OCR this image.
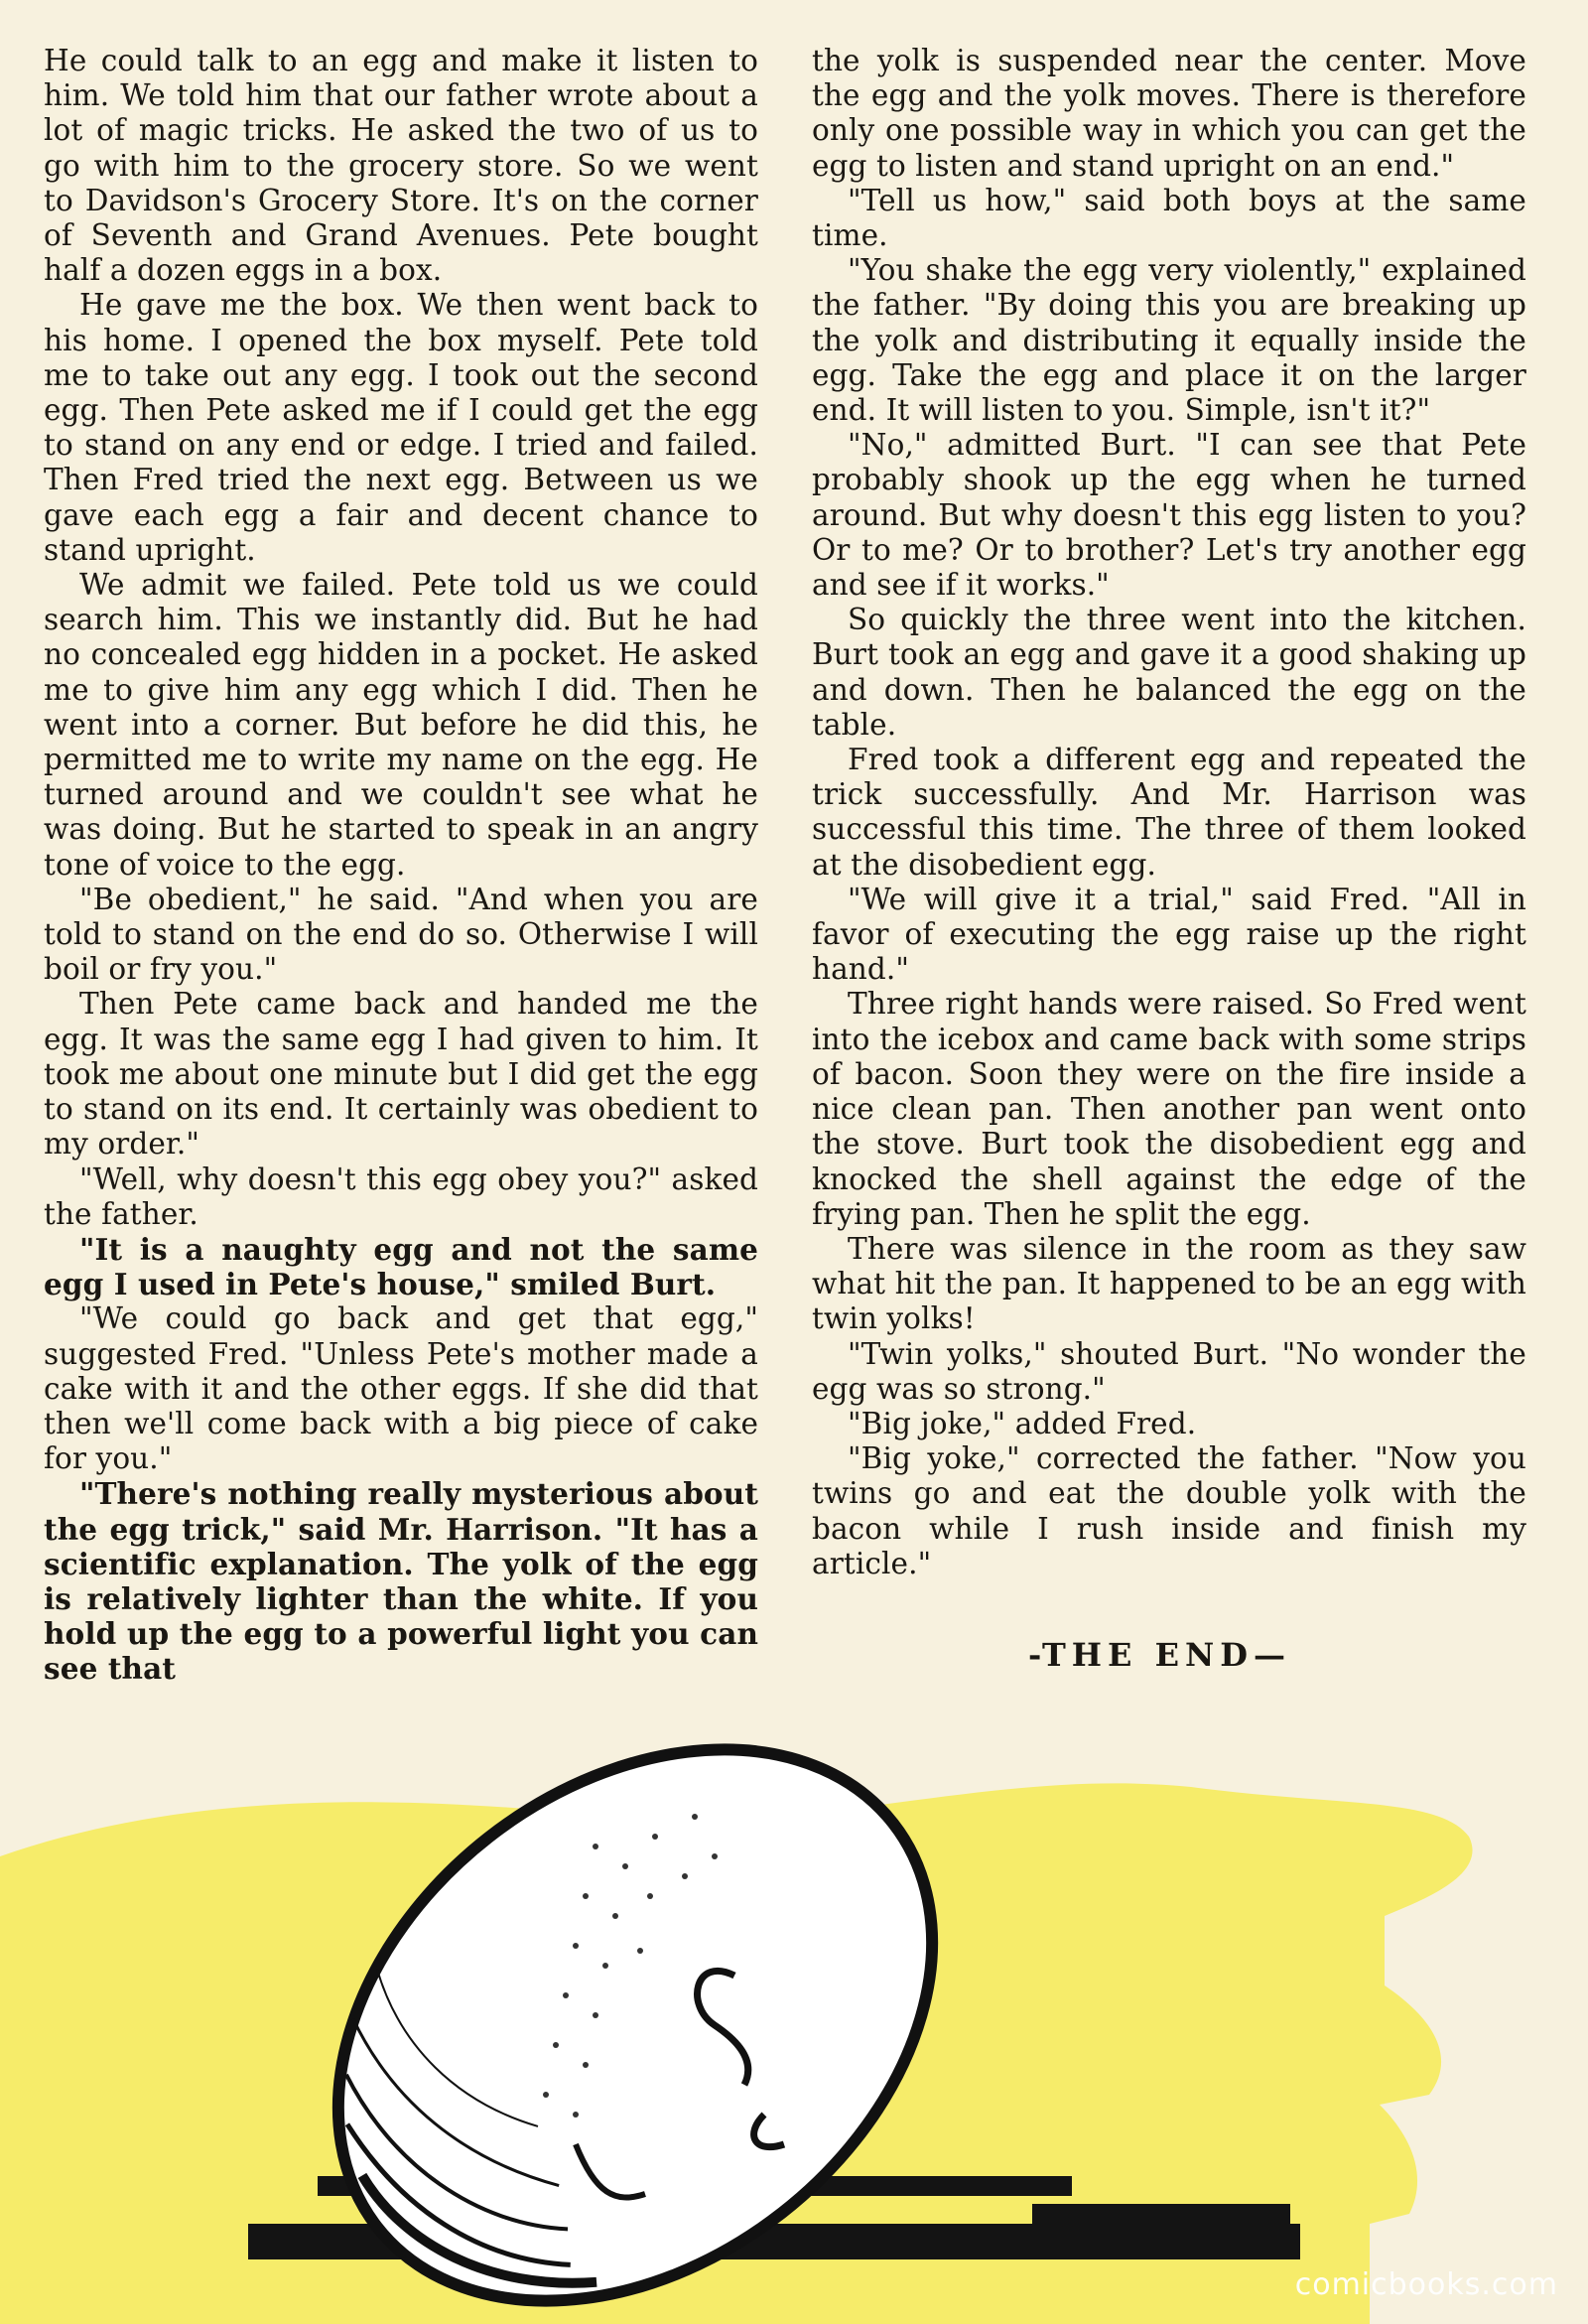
He could talk to an egg and make it listen to him. We told him that our father wrote about a lot of magic tricks. He asked the two of us to go with him to the grocery store. So we went to Davidson's Grocery Store. It's on the corner of Seventh and Grand Avenues. Pete bought half a dozen eggs in a box.

He gave me the box. We then went back to his home. I opened the box myself. Pete told me to take out any egg. I took out the second egg. Then Pete asked me if I could get the egg to stand on any end or edge. I tried and failed. Then Fred tried the next egg. Between us we gave each egg a fair and decent chance to stand upright.

We admit we failed. Pete told us we could search him. This we instantly did. But he had no concealed egg hidden in a pocket. He asked me to give him any egg which I did. Then he went into a corner. But before he did this, he permitted me to write my name on the egg. He turned around and we couldn't see what he was doing. But he started to speak in an angry tone of voice to the egg.

"Be obedient," he said. "And when you are told to stand on the end do so. Otherwise I will boil or fry you."

Then Pete came back and handed me the egg. It was the same egg I had given to him. It took me about one minute but I did get the egg to stand on its end. It certainly was obedient to my order."

"Well, why doesn't this egg obey you?" asked the father.

"It is a naughty egg and not the same egg I used in Pete's house," smiled Burt.

"We could go back and get that egg," suggested Fred. "Unless Pete's mother made a cake with it and the other eggs. If she did that then we'll come back with a big piece of cake for you."

"There's nothing really mysterious about the egg trick," said Mr. Harrison. "It has a scientific explanation. The yolk of the egg is relatively lighter than the white. If you hold up the egg to a powerful light you can see that

the yolk is suspended near the center. Move the egg and the yolk moves. There is therefore only one possible way in which you can get the egg to listen and stand upright on an end."

"Tell us how," said both boys at the same time.

"You shake the egg very violently," explained the father. "By doing this you are breaking up the yolk and distributing it equally inside the egg. Take the egg and place it on the larger end. It will listen to you. Simple, isn't it?"

"No," admitted Burt. "I can see that Pete probably shook up the egg when he turned around. But why doesn't this egg listen to you? Or to me? Or to brother? Let's try another egg and see if it works."

So quickly the three went into the kitchen. Burt took an egg and gave it a good shaking up and down. Then he balanced the egg on the table.

Fred took a different egg and repeated the trick successfully. And Mr. Harrison was successful this time. The three of them looked at the disobedient egg.

"We will give it a trial," said Fred. "All in favor of executing the egg raise up the right hand."

Three right hands were raised. So Fred went into the icebox and came back with some strips of bacon. Soon they were on the fire inside a nice clean pan. Then another pan went onto the stove. Burt took the disobedient egg and knocked the shell against the edge of the frying pan. Then he split the egg.

There was silence in the room as they saw what hit the pan. It happened to be an egg with twin yolks!

"Twin yolks," shouted Burt. "No wonder the egg was so strong."

"Big joke," added Fred.

"Big yoke," corrected the father. "Now you twins go and eat the double yolk with the bacon while I rush inside and finish my article."

-THE END—
comicbooks.com
